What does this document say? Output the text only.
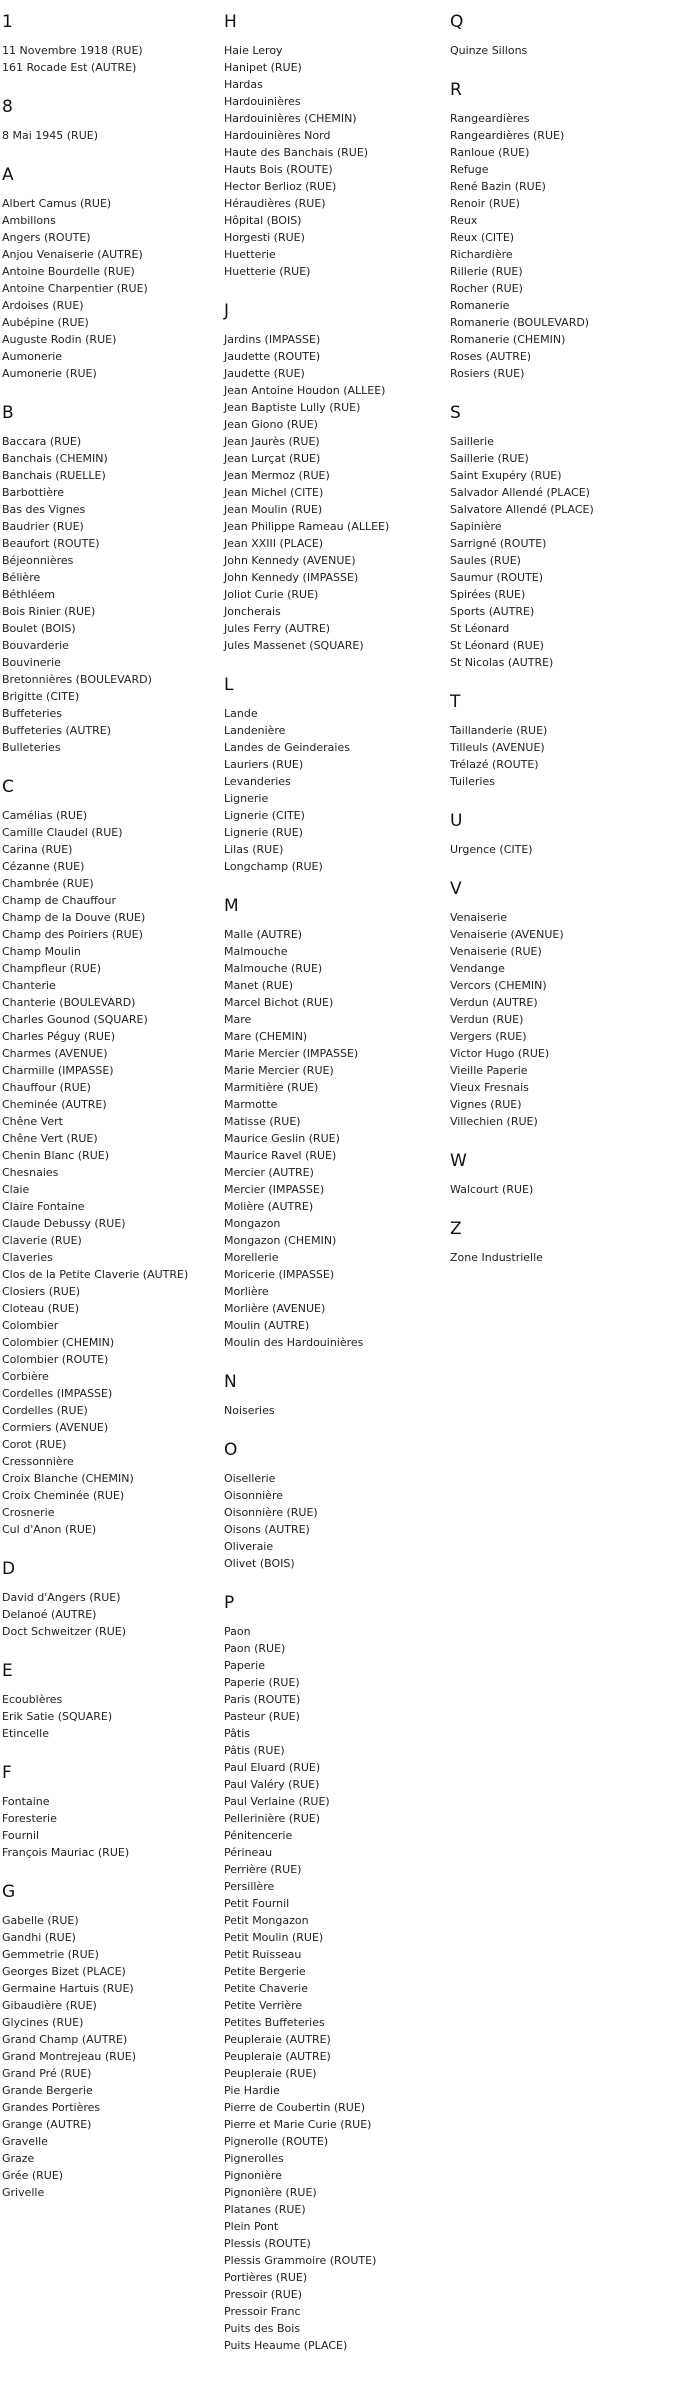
1
11 Novembre 1918 (RUE)
161 Rocade Est (AUTRE)
8
8 Mai 1945 (RUE)
A
Albert Camus (RUE)
Ambillons
Angers (ROUTE)
Anjou Venaiserie (AUTRE)
Antoine Bourdelle (RUE)
Antoine Charpentier (RUE)
Ardoises (RUE)
Aubépine (RUE)
Auguste Rodin (RUE)
Aumonerie
Aumonerie (RUE)
B
Baccara (RUE)
Banchais (CHEMIN)
Banchais (RUELLE)
Barbottière
Bas des Vignes
Baudrier (RUE)
Beaufort (ROUTE)
Béjeonnières
Bélière
Béthléem
Bois Rinier (RUE)
Boulet (BOIS)
Bouvarderie
Bouvinerie
Bretonnières (BOULEVARD)
Brigitte (CITE)
Buffeteries
Buffeteries (AUTRE)
Bulleteries
C
Camélias (RUE)
Camille Claudel (RUE)
Carina (RUE)
Cézanne (RUE)
Chambrée (RUE)
Champ de Chauffour
Champ de la Douve (RUE)
Champ des Poiriers (RUE)
Champ Moulin
Champfleur (RUE)
Chanterie
Chanterie (BOULEVARD)
Charles Gounod (SQUARE)
Charles Péguy (RUE)
Charmes (AVENUE)
Charmille (IMPASSE)
Chauffour (RUE)
Cheminée (AUTRE)
Chêne Vert
Chêne Vert (RUE)
Chenin Blanc (RUE)
Chesnaies
Claie
Claire Fontaine
Claude Debussy (RUE)
Claverie (RUE)
Claveries
Clos de la Petite Claverie (AUTRE)
Closiers (RUE)
Cloteau (RUE)
Colombier
Colombier (CHEMIN)
Colombier (ROUTE)
Corbière
Cordelles (IMPASSE)
Cordelles (RUE)
Cormiers (AVENUE)
Corot (RUE)
Cressonnière
Croix Blanche (CHEMIN)
Croix Cheminée (RUE)
Crosnerie
Cul d'Anon (RUE)
D
David d'Angers (RUE)
Delanoé (AUTRE)
Doct Schweitzer (RUE)
E
Ecoublères
Erik Satie (SQUARE)
Etincelle
F
Fontaine
Foresterie
Fournil
François Mauriac (RUE)
G
Gabelle (RUE)
Gandhi (RUE)
Gemmetrie (RUE)
Georges Bizet (PLACE)
Germaine Hartuis (RUE)
Gibaudière (RUE)
Glycines (RUE)
Grand Champ (AUTRE)
Grand Montrejeau (RUE)
Grand Pré (RUE)
Grande Bergerie
Grandes Portières
Grange (AUTRE)
Gravelle
Graze
Grée (RUE)
Grivelle
H
Haie Leroy
Hanipet (RUE)
Hardas
Hardouinières
Hardouinières (CHEMIN)
Hardouinières Nord
Haute des Banchais (RUE)
Hauts Bois (ROUTE)
Hector Berlioz (RUE)
Héraudières (RUE)
Hôpital (BOIS)
Horgesti (RUE)
Huetterie
Huetterie (RUE)
J
Jardins (IMPASSE)
Jaudette (ROUTE)
Jaudette (RUE)
Jean Antoine Houdon (ALLEE)
Jean Baptiste Lully (RUE)
Jean Giono (RUE)
Jean Jaurès (RUE)
Jean Lurçat (RUE)
Jean Mermoz (RUE)
Jean Michel (CITE)
Jean Moulin (RUE)
Jean Philippe Rameau (ALLEE)
Jean XXIII (PLACE)
John Kennedy (AVENUE)
John Kennedy (IMPASSE)
Joliot Curie (RUE)
Joncherais
Jules Ferry (AUTRE)
Jules Massenet (SQUARE)
L
Lande
Landenière
Landes de Geinderaies
Lauriers (RUE)
Levanderies
Lignerie
Lignerie (CITE)
Lignerie (RUE)
Lilas (RUE)
Longchamp (RUE)
M
Malle (AUTRE)
Malmouche
Malmouche (RUE)
Manet (RUE)
Marcel Bichot (RUE)
Mare
Mare (CHEMIN)
Marie Mercier (IMPASSE)
Marie Mercier (RUE)
Marmitière (RUE)
Marmotte
Matisse (RUE)
Maurice Geslin (RUE)
Maurice Ravel (RUE)
Mercier (AUTRE)
Mercier (IMPASSE)
Molière (AUTRE)
Mongazon
Mongazon (CHEMIN)
Morellerie
Moricerie (IMPASSE)
Morlière
Morlière (AVENUE)
Moulin (AUTRE)
Moulin des Hardouinières
N
Noiseries
O
Oisellerie
Oisonnière
Oisonnière (RUE)
Oisons (AUTRE)
Oliveraie
Olivet (BOIS)
P
Paon
Paon (RUE)
Paperie
Paperie (RUE)
Paris (ROUTE)
Pasteur (RUE)
Pâtis
Pâtis (RUE)
Paul Eluard (RUE)
Paul Valéry (RUE)
Paul Verlaine (RUE)
Pellerinière (RUE)
Pénitencerie
Périneau
Perrière (RUE)
Persillère
Petit Fournil
Petit Mongazon
Petit Moulin (RUE)
Petit Ruisseau
Petite Bergerie
Petite Chaverie
Petite Verrière
Petites Buffeteries
Peupleraie (AUTRE)
Peupleraie (AUTRE)
Peupleraie (RUE)
Pie Hardie
Pierre de Coubertin (RUE)
Pierre et Marie Curie (RUE)
Pignerolle (ROUTE)
Pignerolles
Pignonière
Pignonière (RUE)
Platanes (RUE)
Plein Pont
Plessis (ROUTE)
Plessis Grammoire (ROUTE)
Portières (RUE)
Pressoir (RUE)
Pressoir Franc
Puits des Bois
Puits Heaume (PLACE)
Q
Quinze Sillons
R
Rangeardières
Rangeardières (RUE)
Ranloue (RUE)
Refuge
René Bazin (RUE)
Renoir (RUE)
Reux
Reux (CITE)
Richardière
Rillerie (RUE)
Rocher (RUE)
Romanerie
Romanerie (BOULEVARD)
Romanerie (CHEMIN)
Roses (AUTRE)
Rosiers (RUE)
S
Saillerie
Saillerie (RUE)
Saint Exupéry (RUE)
Salvador Allendé (PLACE)
Salvatore Allendé (PLACE)
Sapinière
Sarrigné (ROUTE)
Saules (RUE)
Saumur (ROUTE)
Spirées (RUE)
Sports (AUTRE)
St Léonard
St Léonard (RUE)
St Nicolas (AUTRE)
T
Taillanderie (RUE)
Tilleuls (AVENUE)
Trélazé (ROUTE)
Tuileries
U
Urgence (CITE)
V
Venaiserie
Venaiserie (AVENUE)
Venaiserie (RUE)
Vendange
Vercors (CHEMIN)
Verdun (AUTRE)
Verdun (RUE)
Vergers (RUE)
Victor Hugo (RUE)
Vieille Paperie
Vieux Fresnais
Vignes (RUE)
Villechien (RUE)
W
Walcourt (RUE)
Z
Zone Industrielle
